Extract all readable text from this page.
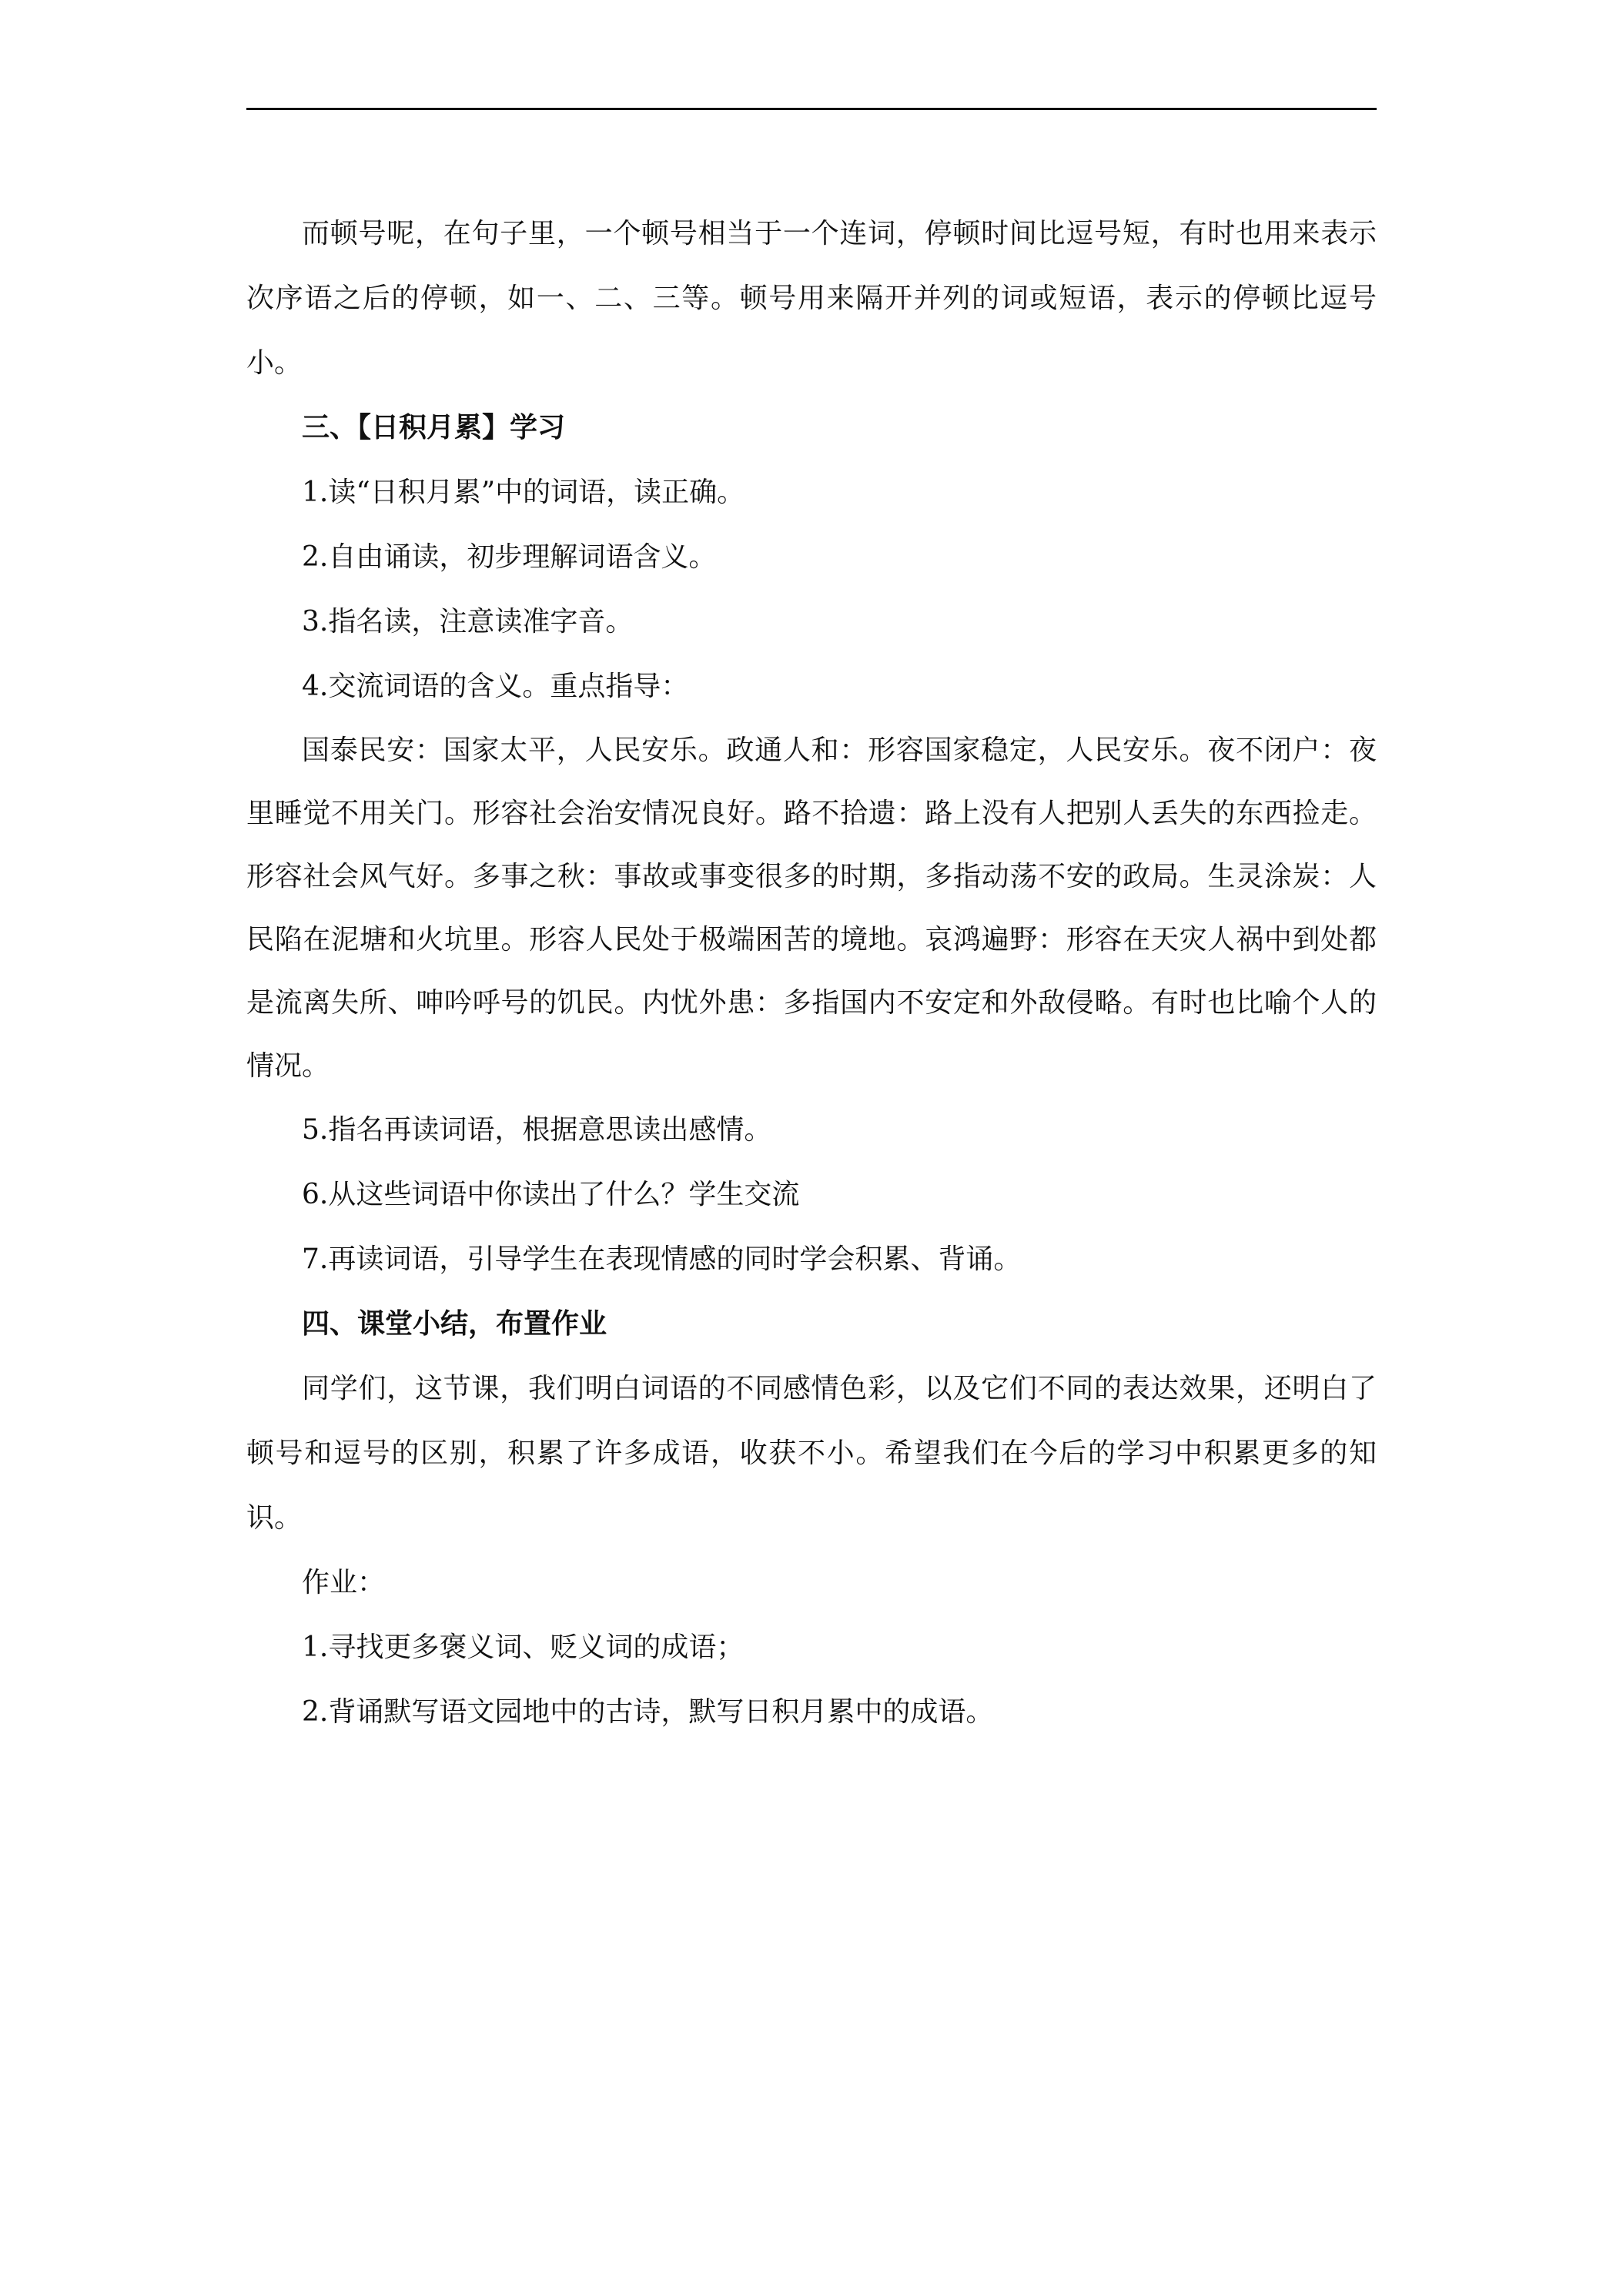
而顿号呢，在句子里，一个顿号相当于一个连词，停顿时间比逗号短，有时也用来表示次序语之后的停顿，如一、二、三等。顿号用来隔开并列的词或短语，表示的停顿比逗号小。

三、【日积月累】学习

1.读“日积月累”中的词语，读正确。

2.自由诵读，初步理解词语含义。

3.指名读，注意读准字音。

4.交流词语的含义。重点指导：

国泰民安：国家太平，人民安乐。政通人和：形容国家稳定，人民安乐。夜不闭户：夜里睡觉不用关门。形容社会治安情况良好。路不拾遗：路上没有人把别人丢失的东西捡走。形容社会风气好。多事之秋：事故或事变很多的时期，多指动荡不安的政局。生灵涂炭：人民陷在泥塘和火坑里。形容人民处于极端困苦的境地。哀鸿遍野：形容在天灾人祸中到处都是流离失所、呻吟呼号的饥民。内忧外患：多指国内不安定和外敌侵略。有时也比喻个人的情况。

5.指名再读词语，根据意思读出感情。

6.从这些词语中你读出了什么？学生交流

7.再读词语，引导学生在表现情感的同时学会积累、背诵。

四、课堂小结，布置作业

同学们，这节课，我们明白词语的不同感情色彩，以及它们不同的表达效果，还明白了顿号和逗号的区别，积累了许多成语，收获不小。希望我们在今后的学习中积累更多的知识。

作业：

1.寻找更多褒义词、贬义词的成语；

2.背诵默写语文园地中的古诗，默写日积月累中的成语。
